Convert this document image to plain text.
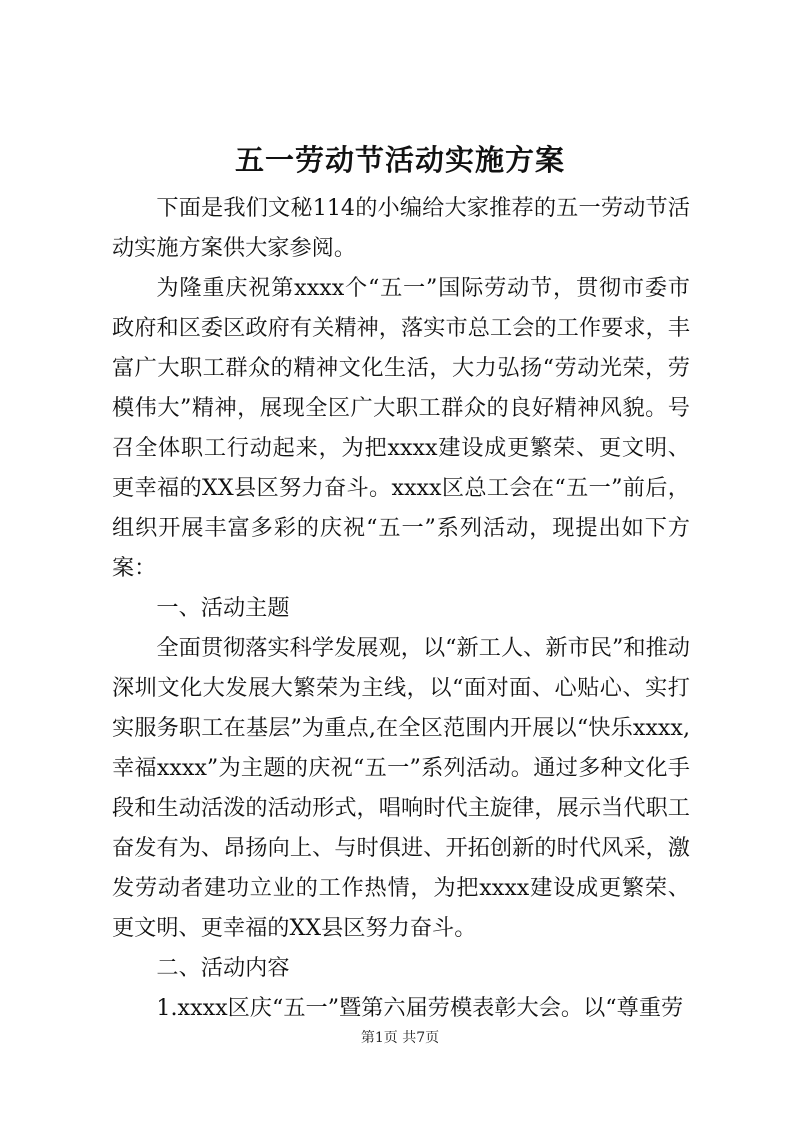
五一劳动节活动实施方案

下面是我们文秘114的小编给大家推荐的五一劳动节活动实施方案供大家参阅。

为隆重庆祝第xxxx个“五一”国际劳动节，贯彻市委市政府和区委区政府有关精神，落实市总工会的工作要求，丰富广大职工群众的精神文化生活，大力弘扬“劳动光荣，劳模伟大”精神，展现全区广大职工群众的良好精神风貌。号召全体职工行动起来，为把xxxx建设成更繁荣、更文明、更幸福的XX县区努力奋斗。xxxx区总工会在“五一”前后，组织开展丰富多彩的庆祝“五一”系列活动，现提出如下方案：

一、活动主题

全面贯彻落实科学发展观，以“新工人、新市民”和推动深圳文化大发展大繁荣为主线，以“面对面、心贴心、实打实服务职工在基层”为重点,在全区范围内开展以“快乐xxxx,幸福xxxx”为主题的庆祝“五一”系列活动。通过多种文化手段和生动活泼的活动形式，唱响时代主旋律，展示当代职工奋发有为、昂扬向上、与时俱进、开拓创新的时代风采，激发劳动者建功立业的工作热情，为把xxxx建设成更繁荣、更文明、更幸福的XX县区努力奋斗。

二、活动内容

1.xxxx区庆“五一”暨第六届劳模表彰大会。以“尊重劳

第1页 共7页
